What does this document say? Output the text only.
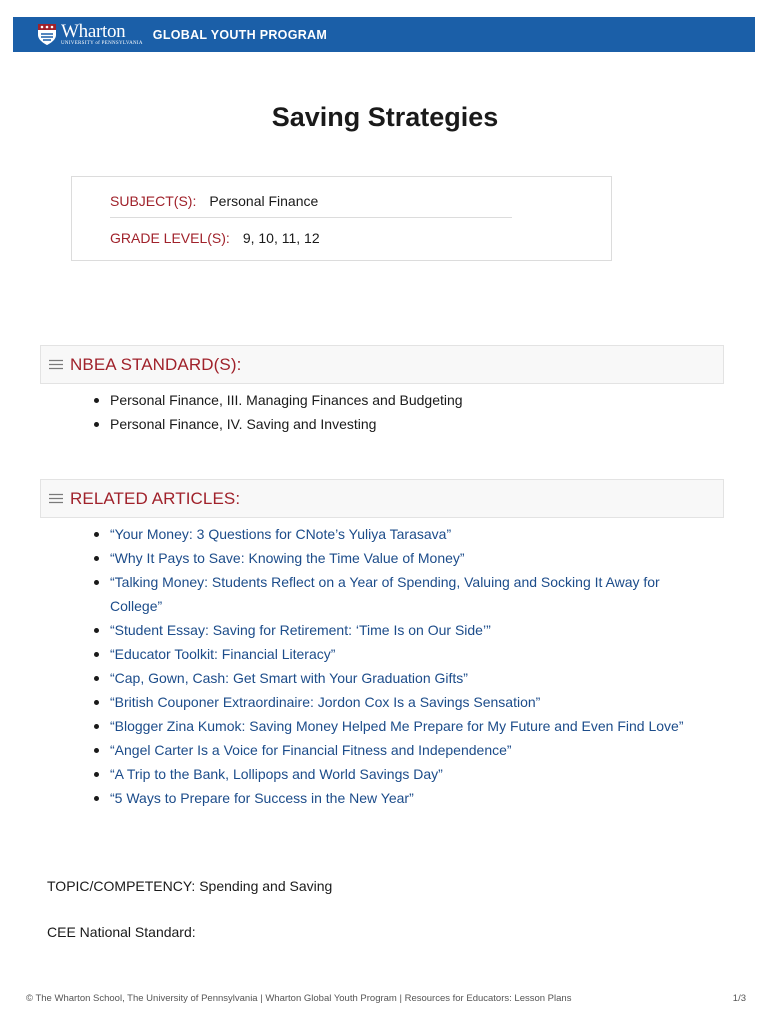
Wharton
UNIVERSITY of PENNSYLVANIA
GLOBAL YOUTH PROGRAM
Saving Strategies
SUBJECT(S): Personal Finance
GRADE LEVEL(S): 9, 10, 11, 12
NBEA STANDARD(S):
Personal Finance, III. Managing Finances and Budgeting
Personal Finance, IV. Saving and Investing
RELATED ARTICLES:
“Your Money: 3 Questions for CNote’s Yuliya Tarasava”
“Why It Pays to Save: Knowing the Time Value of Money”
“Talking Money: Students Reflect on a Year of Spending, Valuing and Socking It Away for College”
“Student Essay: Saving for Retirement: ‘Time Is on Our Side’”
“Educator Toolkit: Financial Literacy”
“Cap, Gown, Cash: Get Smart with Your Graduation Gifts”
“British Couponer Extraordinaire: Jordon Cox Is a Savings Sensation”
“Blogger Zina Kumok: Saving Money Helped Me Prepare for My Future and Even Find Love”
“Angel Carter Is a Voice for Financial Fitness and Independence”
“A Trip to the Bank, Lollipops and World Savings Day”
“5 Ways to Prepare for Success in the New Year”
TOPIC/COMPETENCY: Spending and Saving
CEE National Standard:
© The Wharton School, The University of Pennsylvania | Wharton Global Youth Program | Resources for Educators: Lesson Plans	1/3
